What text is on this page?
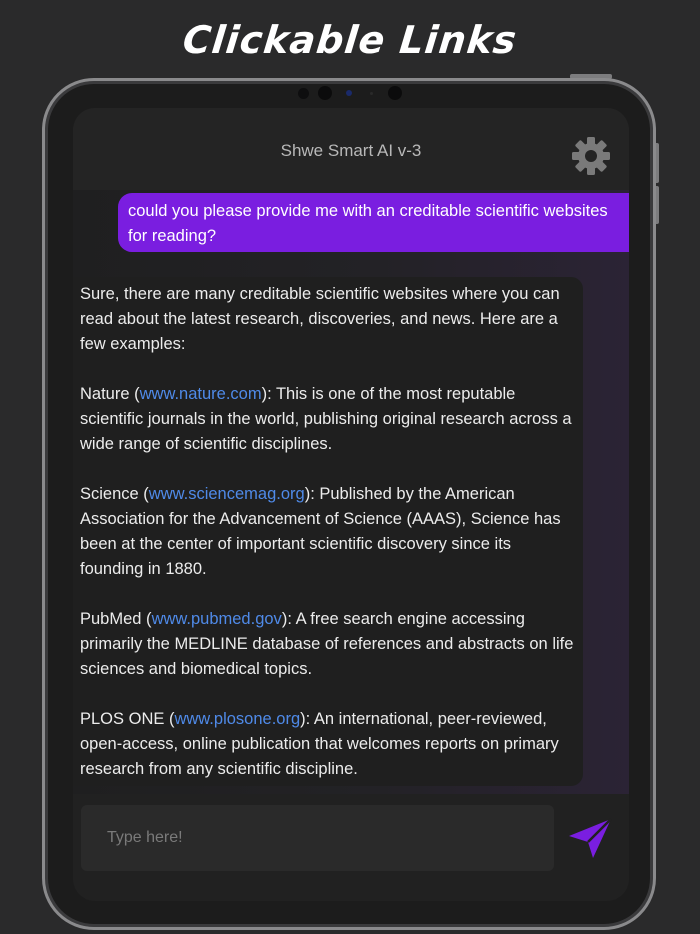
Clickable Links
Shwe Smart AI v-3
could you please provide me with an creditable scientific websites for reading?

Sure, there are many creditable scientific websites where you can read about the latest research, discoveries, and news. Here are a few examples:

Nature (www.nature.com): This is one of the most reputable scientific journals in the world, publishing original research across a wide range of scientific disciplines.

Science (www.sciencemag.org): Published by the American Association for the Advancement of Science (AAAS), Science has been at the center of important scientific discovery since its founding in 1880.

PubMed (www.pubmed.gov): A free search engine accessing primarily the MEDLINE database of references and abstracts on life sciences and biomedical topics.

PLOS ONE (www.plosone.org): An international, peer-reviewed, open-access, online publication that welcomes reports on primary research from any scientific discipline.

Type here!
